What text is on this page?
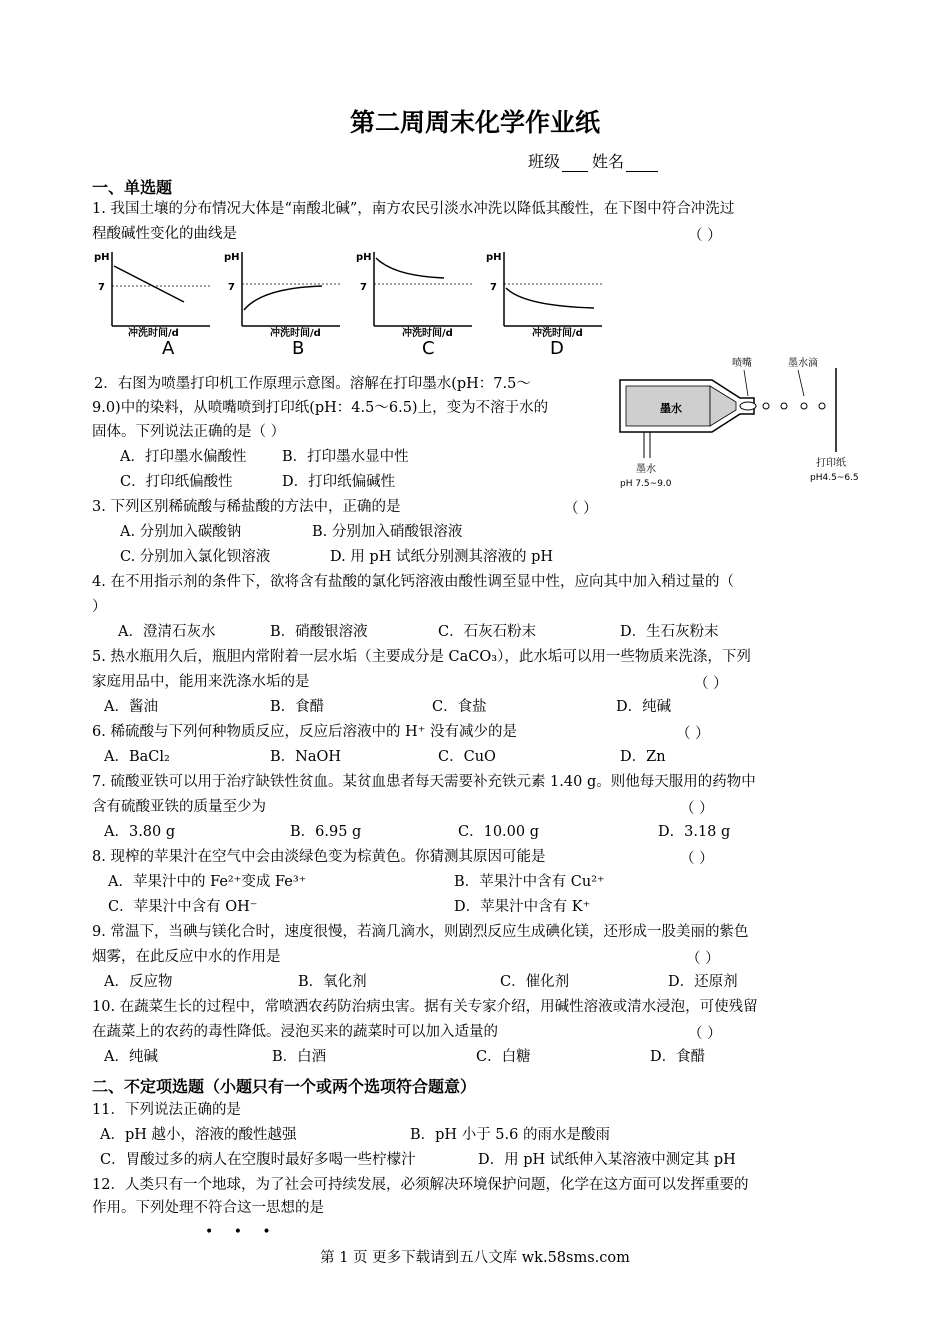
第二周周末化学作业纸
班级 姓名
一、单选题
1. 我国土壤的分布情况大体是“南酸北碱”，南方农民引淡水冲洗以降低其酸性，在下图中符合冲洗过
程酸碱性变化的曲线是	（ ）
pH
7
冲洗时间/d
A
pH
7
冲洗时间/d
B
pH
7
冲洗时间/d
C
pH
7
冲洗时间/d
D
2．右图为喷墨打印机工作原理示意图。溶解在打印墨水(pH：7.5～
9.0)中的染料，从喷嘴喷到打印纸(pH：4.5～6.5)上，变为不溶于水的
固体。下列说法正确的是（ ）
A．打印墨水偏酸性 B．打印墨水显中性
C．打印纸偏酸性	D．打印纸偏碱性
喷嘴	墨水滴
墨水
墨水
pH 7.5~9.0
打印纸
pH4.5~6.5
3. 下列区别稀硫酸与稀盐酸的方法中，正确的是	（ ）
A. 分别加入碳酸钠	B. 分别加入硝酸银溶液
C. 分别加入氯化钡溶液	D. 用 pH 试纸分别测其溶液的 pH
4. 在不用指示剂的条件下，欲将含有盐酸的氯化钙溶液由酸性调至显中性，应向其中加入稍过量的（
）
A．澄清石灰水	B．硝酸银溶液	C．石灰石粉末	D．生石灰粉末
5. 热水瓶用久后，瓶胆内常附着一层水垢（主要成分是 CaCO₃），此水垢可以用一些物质来洗涤，下列
家庭用品中，能用来洗涤水垢的是	（ ）
A．酱油	B．食醋	C．食盐	D．纯碱
6. 稀硫酸与下列何种物质反应，反应后溶液中的 H⁺ 没有减少的是	（ ）
A．BaCl₂	B．NaOH	C．CuO	D．Zn
7. 硫酸亚铁可以用于治疗缺铁性贫血。某贫血患者每天需要补充铁元素 1.40 g。则他每天服用的药物中
含有硫酸亚铁的质量至少为	（ ）
A．3.80 g	B．6.95 g	C．10.00 g	D．3.18 g
8. 现榨的苹果汁在空气中会由淡绿色变为棕黄色。你猜测其原因可能是	（ ）
A．苹果汁中的 Fe²⁺变成 Fe³⁺	B．苹果汁中含有 Cu²⁺
C．苹果汁中含有 OH⁻	D．苹果汁中含有 K⁺
9. 常温下，当碘与镁化合时，速度很慢，若滴几滴水，则剧烈反应生成碘化镁，还形成一股美丽的紫色
烟雾，在此反应中水的作用是	（ ）
A．反应物	B．氧化剂	C．催化剂	D．还原剂
10. 在蔬菜生长的过程中，常喷洒农药防治病虫害。据有关专家介绍，用碱性溶液或清水浸泡，可使残留
在蔬菜上的农药的毒性降低。浸泡买来的蔬菜时可以加入适量的	（ ）
A．纯碱	B．白酒	C．白糖	D．食醋
二、不定项选题（小题只有一个或两个选项符合题意）
11．下列说法正确的是
A．pH 越小，溶液的酸性越强	B．pH 小于 5.6 的雨水是酸雨
C．胃酸过多的病人在空腹时最好多喝一些柠檬汁	D．用 pH 试纸伸入某溶液中测定其 pH
12．人类只有一个地球，为了社会可持续发展，必须解决环境保护问题，化学在这方面可以发挥重要的
作用。下列处理不符合这一思想的是
• • •
第 1 页 更多下载请到五八文库 wk.58sms.com
